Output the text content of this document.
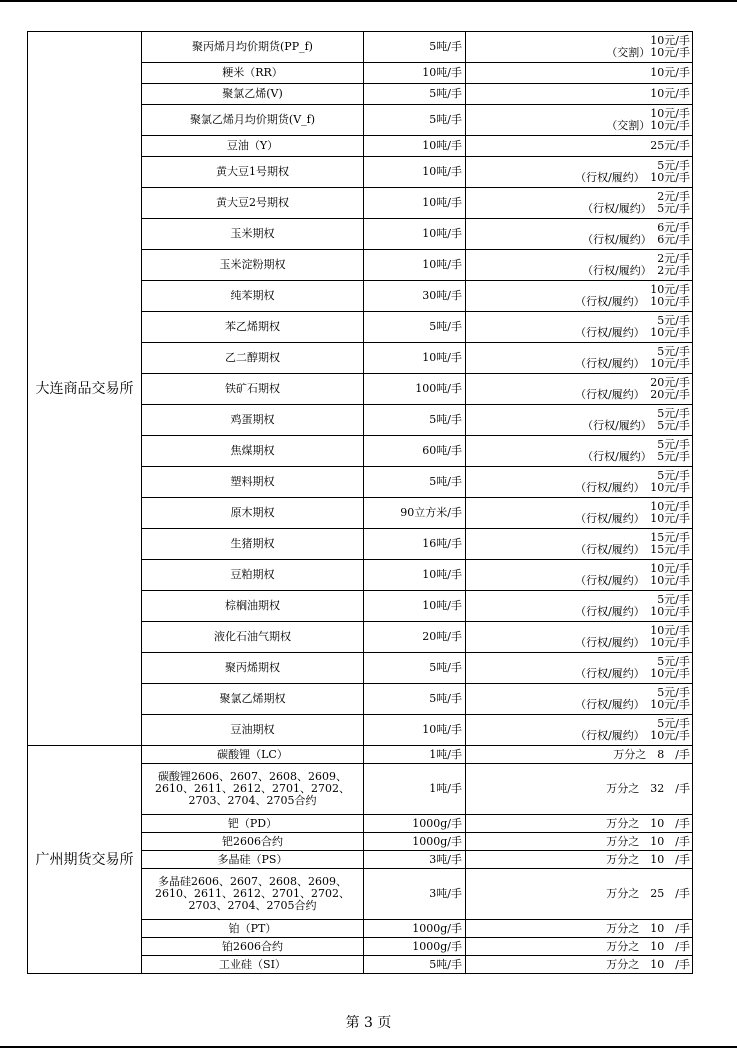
大连商品交易所	聚丙烯月均价期货(PP_f)	5吨/手	10元/手
（交割）10元/手

	粳米（RR）	10吨/手	10元/手

	聚氯乙烯(V)	5吨/手	10元/手

	聚氯乙烯月均价期货(V_f)	5吨/手	10元/手
（交割）10元/手

	豆油（Y）	10吨/手	25元/手

	黄大豆1号期权	10吨/手	5元/手
（行权/履约）　10元/手

	黄大豆2号期权	10吨/手	2元/手
（行权/履约）　5元/手

	玉米期权	10吨/手	6元/手
（行权/履约）　6元/手

	玉米淀粉期权	10吨/手	2元/手
（行权/履约）　2元/手

	纯苯期权	30吨/手	10元/手
（行权/履约）　10元/手

	苯乙烯期权	5吨/手	5元/手
（行权/履约）　10元/手

	乙二醇期权	10吨/手	5元/手
（行权/履约）　10元/手

	铁矿石期权	100吨/手	20元/手
（行权/履约）　20元/手

	鸡蛋期权	5吨/手	5元/手
（行权/履约）　5元/手

	焦煤期权	60吨/手	5元/手
（行权/履约）　5元/手

	塑料期权	5吨/手	5元/手
（行权/履约）　10元/手

	原木期权	90立方米/手	10元/手
（行权/履约）　10元/手

	生猪期权	16吨/手	15元/手
（行权/履约）　15元/手

	豆粕期权	10吨/手	10元/手
（行权/履约）　10元/手

	棕榈油期权	10吨/手	5元/手
（行权/履约）　10元/手

	液化石油气期权	20吨/手	10元/手
（行权/履约）　10元/手

	聚丙烯期权	5吨/手	5元/手
（行权/履约）　10元/手

	聚氯乙烯期权	5吨/手	5元/手
（行权/履约）　10元/手

	豆油期权	10吨/手	5元/手
（行权/履约）　10元/手

广州期货交易所	碳酸锂（LC）	1吨/手	万分之　8　/手

	碳酸锂2606、2607、2608、2609、2610、2611、2612、2701、2702、2703、2704、2705合约	1吨/手	万分之　32　/手

	钯（PD）	1000g/手	万分之　10　/手

	钯2606合约	1000g/手	万分之　10　/手

	多晶硅（PS）	3吨/手	万分之　10　/手

	多晶硅2606、2607、2608、2609、2610、2611、2612、2701、2702、2703、2704、2705合约	3吨/手	万分之　25　/手

	铂（PT）	1000g/手	万分之　10　/手

	铂2606合约	1000g/手	万分之　10　/手

	工业硅（SI）	5吨/手	万分之　10　/手
第 3 页
